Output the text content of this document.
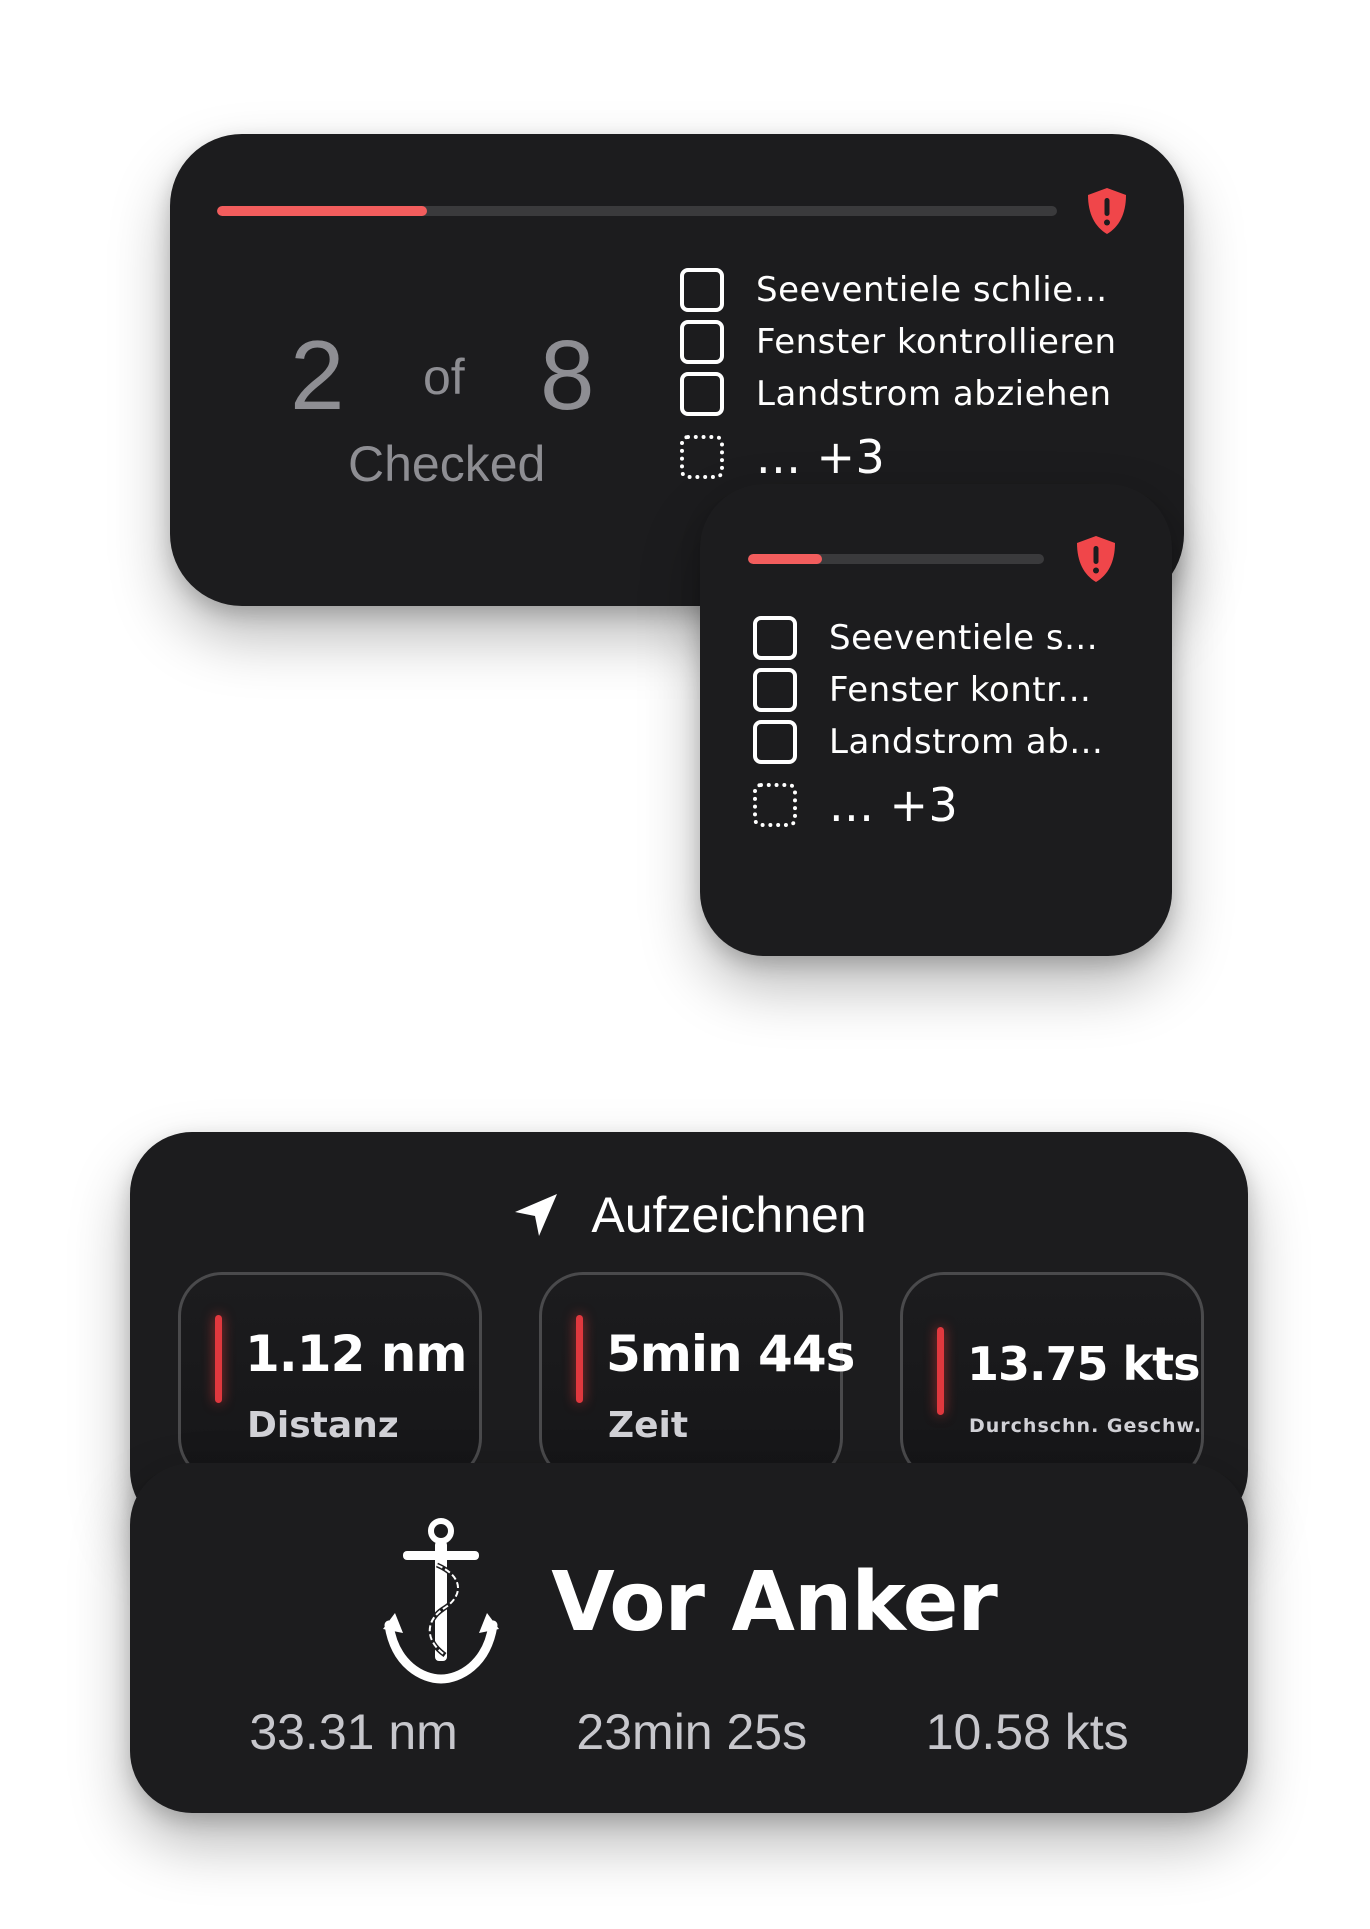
2 of 8
Checked
Seeventiele schlie...
Fenster kontrollieren
Landstrom abziehen
... +3
Seeventiele s...
Fenster kontr...
Landstrom ab...
... +3
Aufzeichnen
1.12 nm
Distanz
5min 44s
Zeit
13.75 kts
Durchschn. Geschw.
Vor Anker
33.31 nm 23min 25s 10.58 kts
